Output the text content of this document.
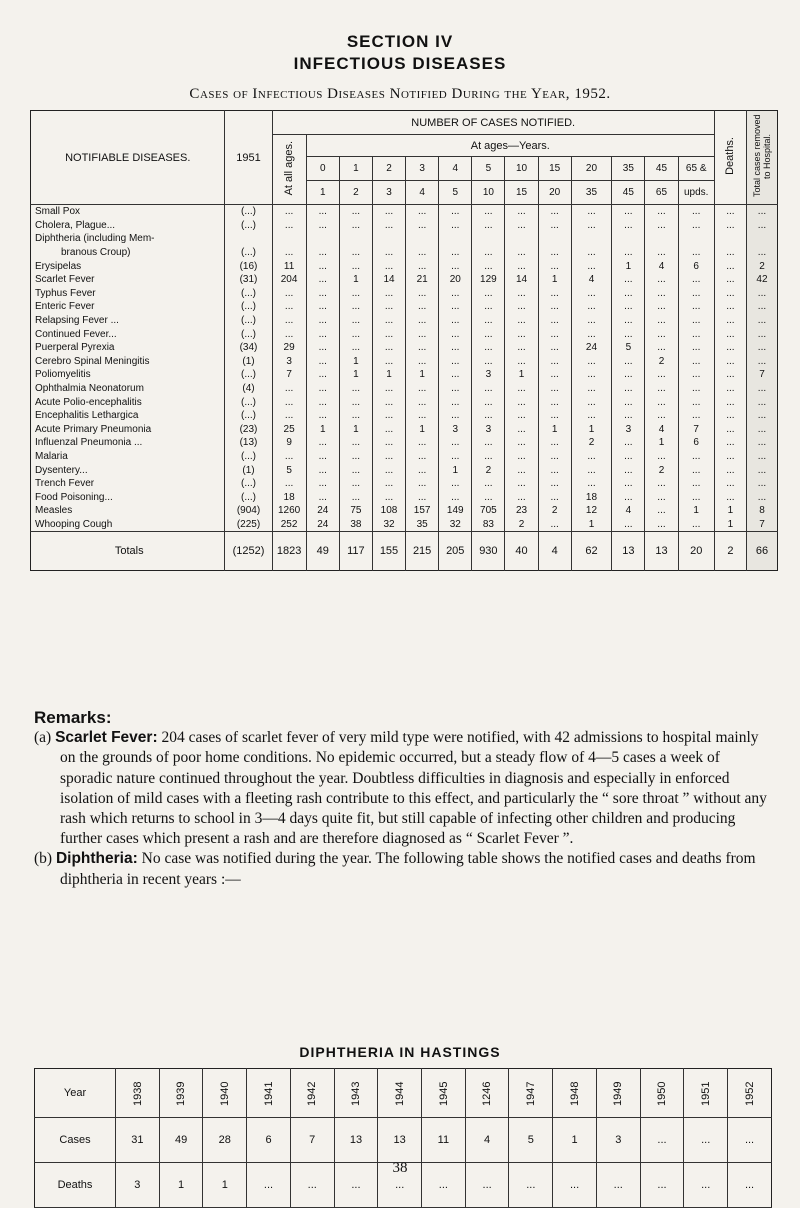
SECTION IV
INFECTIOUS DISEASES
Cases of Infectious Diseases Notified During the Year, 1952.
NOTIFIABLE DISEASES.	1951	NUMBER OF CASES NOTIFIED.													Deaths.	Total cases removed to Hospital.
		At all ages.	At ages—Years.													
			0	1	2	3	4	5	10	15	20	35	45	65 &		
			1	2	3	4	5	10	15	20	35	45	65	upds.		
Small Pox	(...)	...	...	...	...	...	...	...	...	...	...	...	...	...	...	...
Cholera, Plague...	(...)	...	...	...	...	...	...	...	...	...	...	...	...	...	...	...
Diphtheria (including Mem-																
branous Croup)	(...)	...	...	...	...	...	...	...	...	...	...	...	...	...	...	...
Erysipelas	(16)	11	...	...	...	...	...	...	...	...	...	1	4	6	...	2
Scarlet Fever	(31)	204	...	1	14	21	20	129	14	1	4	...	...	...	...	42
Typhus Fever	(...)	...	...	...	...	...	...	...	...	...	...	...	...	...	...	...
Enteric Fever	(...)	...	...	...	...	...	...	...	...	...	...	...	...	...	...	...
Relapsing Fever ...	(...)	...	...	...	...	...	...	...	...	...	...	...	...	...	...	...
Continued Fever...	(...)	...	...	...	...	...	...	...	...	...	...	...	...	...	...	...
Puerperal Pyrexia	(34)	29	...	...	...	...	...	...	...	...	24	5	...	...	...	...
Cerebro Spinal Meningitis	(1)	3	...	1	...	...	...	...	...	...	...	...	2	...	...	...
Poliomyelitis	(...)	7	...	1	1	1	...	3	1	...	...	...	...	...	...	7
Ophthalmia Neonatorum	(4)	...	...	...	...	...	...	...	...	...	...	...	...	...	...	...
Acute Polio-encephalitis	(...)	...	...	...	...	...	...	...	...	...	...	...	...	...	...	...
Encephalitis Lethargica	(...)	...	...	...	...	...	...	...	...	...	...	...	...	...	...	...
Acute Primary Pneumonia	(23)	25	1	1	...	1	3	3	...	1	1	3	4	7	...	...
Influenzal Pneumonia ...	(13)	9	...	...	...	...	...	...	...	...	2	...	1	6	...	...
Malaria	(...)	...	...	...	...	...	...	...	...	...	...	...	...	...	...	...
Dysentery...	(1)	5	...	...	...	...	1	2	...	...	...	...	2	...	...	...
Trench Fever	(...)	...	...	...	...	...	...	...	...	...	...	...	...	...	...	...
Food Poisoning...	(...)	18	...	...	...	...	...	...	...	...	18	...	...	...	...	...
Measles	(904)	1260	24	75	108	157	149	705	23	2	12	4	...	1	1	8
Whooping Cough	(225)	252	24	38	32	35	32	83	2	...	1	...	...	...	1	7
Totals	(1252)	1823	49	117	155	215	205	930	40	4	62	13	13	20	2	66
Remarks:

(a) Scarlet Fever: 204 cases of scarlet fever of very mild type were notified, with 42 admissions to hospital mainly on the grounds of poor home conditions. No epidemic occurred, but a steady flow of 4—5 cases a week of sporadic nature continued throughout the year. Doubtless difficulties in diagnosis and especially in enforced isolation of mild cases with a fleeting rash contribute to this effect, and particularly the “ sore throat ” without any rash which returns to school in 3—4 days quite fit, but still capable of infecting other children and producing further cases which present a rash and are therefore diagnosed as “ Scarlet Fever ”.

(b) Diphtheria: No case was notified during the year. The following table shows the notified cases and deaths from diphtheria in recent years :—

DIPHTHERIA IN HASTINGS
Year	1938	1939	1940	1941	1942	1943	1944	1945	1246	1947	1948	1949	1950	1951	1952
Cases	31	49	28	6	7	13	13	11	4	5	1	3	...	...	...
Deaths	3	1	1	...	...	...	...	...	...	...	...	...	...	...	...
38
